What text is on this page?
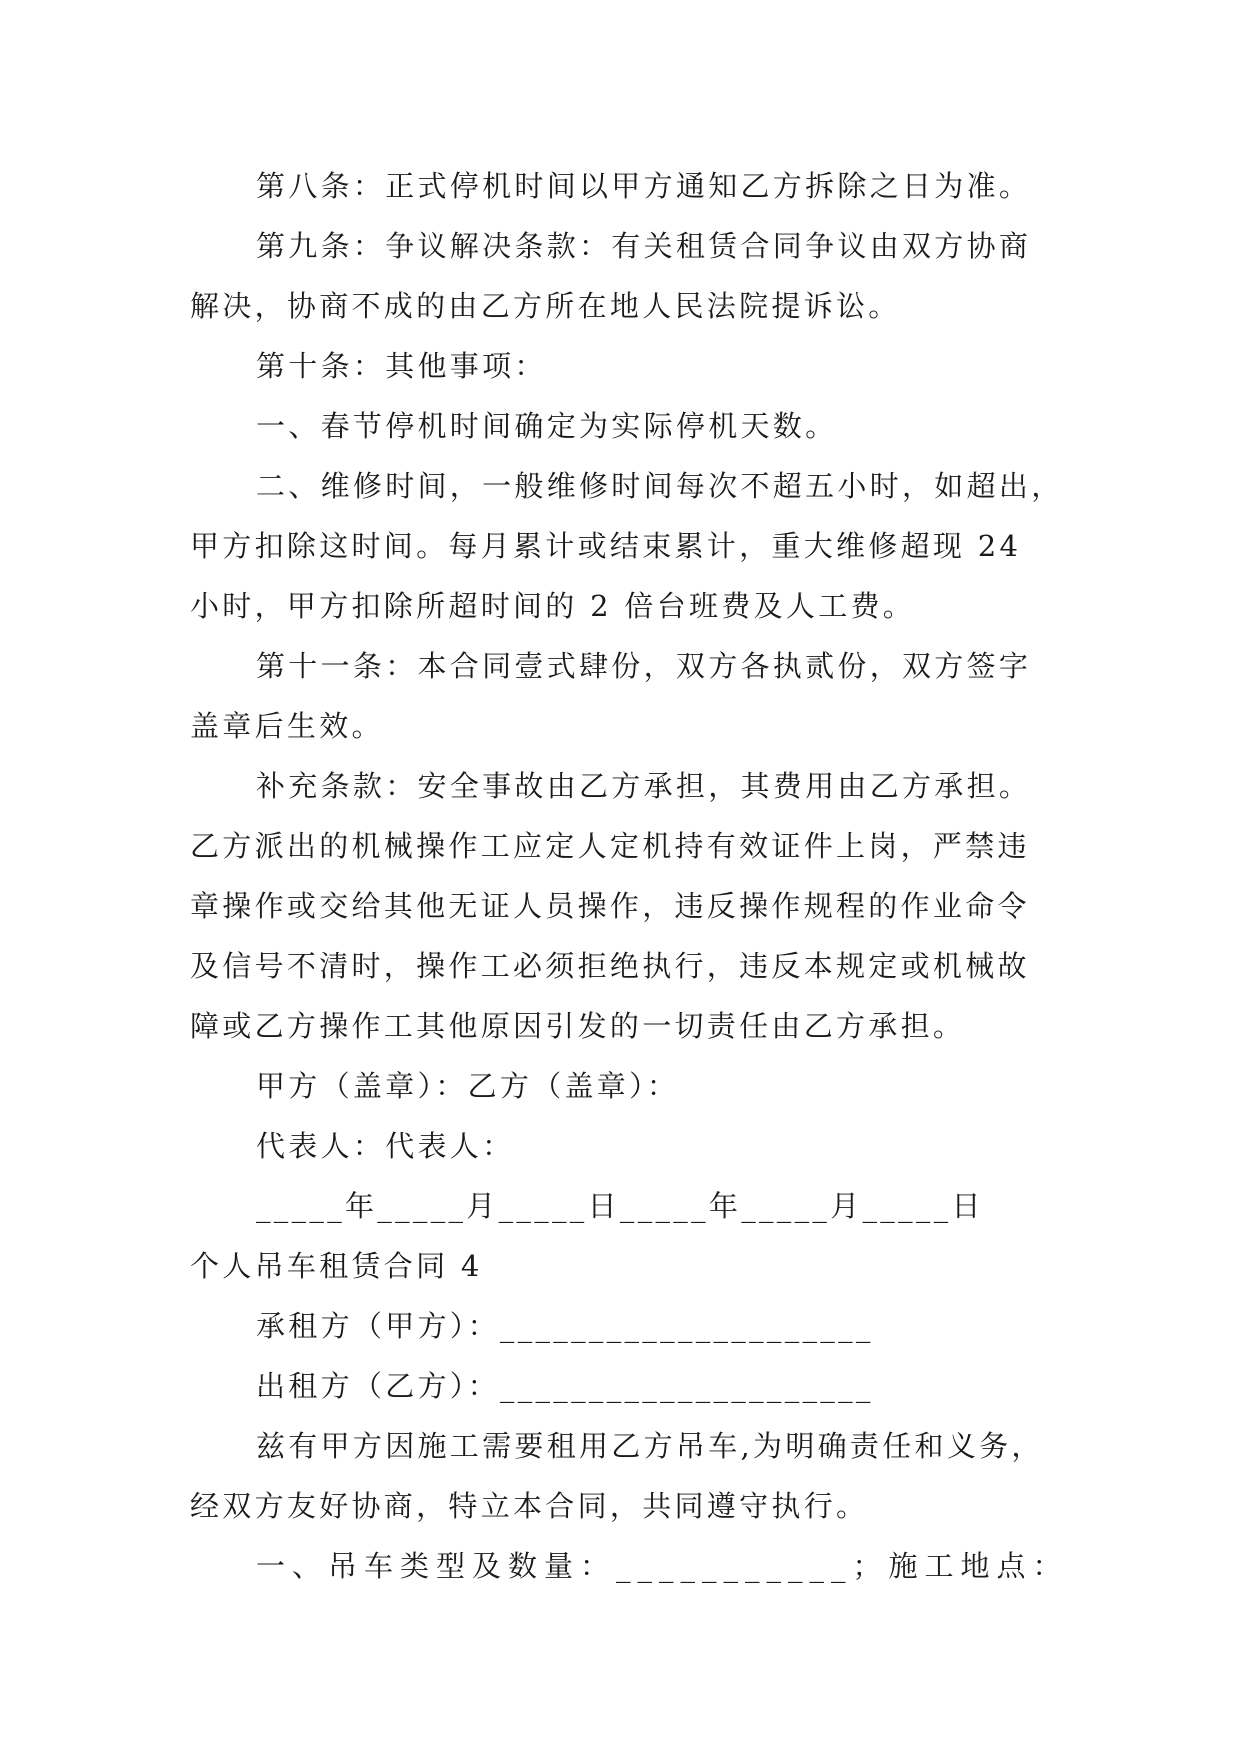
第八条：正式停机时间以甲方通知乙方拆除之日为准。
第九条：争议解决条款：有关租赁合同争议由双方协商
解决，协商不成的由乙方所在地人民法院提诉讼。
第十条：其他事项：
一、春节停机时间确定为实际停机天数。
二、维修时间，一般维修时间每次不超五小时，如超出，
甲方扣除这时间。每月累计或结束累计，重大维修超现 24
小时，甲方扣除所超时间的 2 倍台班费及人工费。
第十一条：本合同壹式肆份，双方各执贰份，双方签字
盖章后生效。
补充条款：安全事故由乙方承担，其费用由乙方承担。
乙方派出的机械操作工应定人定机持有效证件上岗，严禁违
章操作或交给其他无证人员操作，违反操作规程的作业命令
及信号不清时，操作工必须拒绝执行，违反本规定或机械故
障或乙方操作工其他原因引发的一切责任由乙方承担。
甲方（盖章）：乙方（盖章）：
代表人：代表人：
_____年_____月_____日_____年_____月_____日
个人吊车租赁合同 4
承租方（甲方）：_____________________
出租方（乙方）：_____________________
兹有甲方因施工需要租用乙方吊车,为明确责任和义务，
经双方友好协商，特立本合同，共同遵守执行。
一、吊车类型及数量：___________；施工地点：
